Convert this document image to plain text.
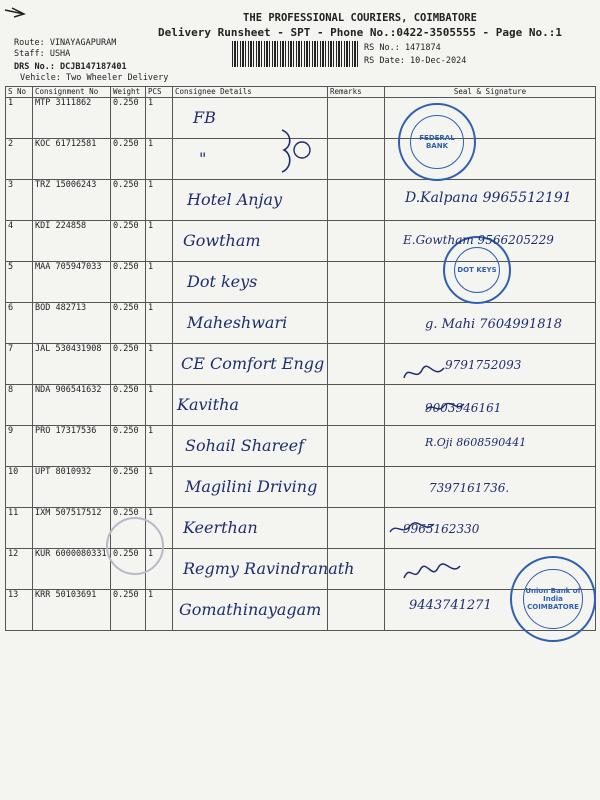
THE PROFESSIONAL COURIERS, COIMBATORE
Delivery Runsheet - SPT - Phone No.:0422-3505555 - Page No.:1
Route: VINAYAGAPURAM
Staff: USHA
DRS No.: DCJB147187401
Vehicle: Two Wheeler Delivery
RS No.: 1471874
RS Date: 10-Dec-2024
S No	Consignment No	Weight	PCS	Consignee Details	Remarks	Seal & Signature
1	MTP 3111862	0.250	1	FB		

2	KOC 61712581	0.250	1	"		

3	TRZ 15006243	0.250	1	Hotel Anjay		D.Kalpana 9965512191

4	KDI 224858	0.250	1	Gowtham		E.Gowtham 9566205229

5	MAA 705947033	0.250	1	Dot keys		

6	BOD 482713	0.250	1	Maheshwari		g. Mahi 7604991818

7	JAL 530431908	0.250	1	CE Comfort Engg		9791752093

8	NDA 906541632	0.250	1	Kavitha		9003946161

9	PRO 17317536	0.250	1	Sohail Shareef		R.Oji 8608590441

10	UPT 8010932	0.250	1	Magilini Driving		7397161736.

11	IXM 507517512	0.250	1	Keerthan		9965162330

12	KUR 6000080331	0.250	1	Regmy Ravindranath		

13	KRR 50103691	0.250	1	Gomathinayagam		9443741271
FEDERAL BANK
DOT KEYS
Union Bank of India COIMBATORE
